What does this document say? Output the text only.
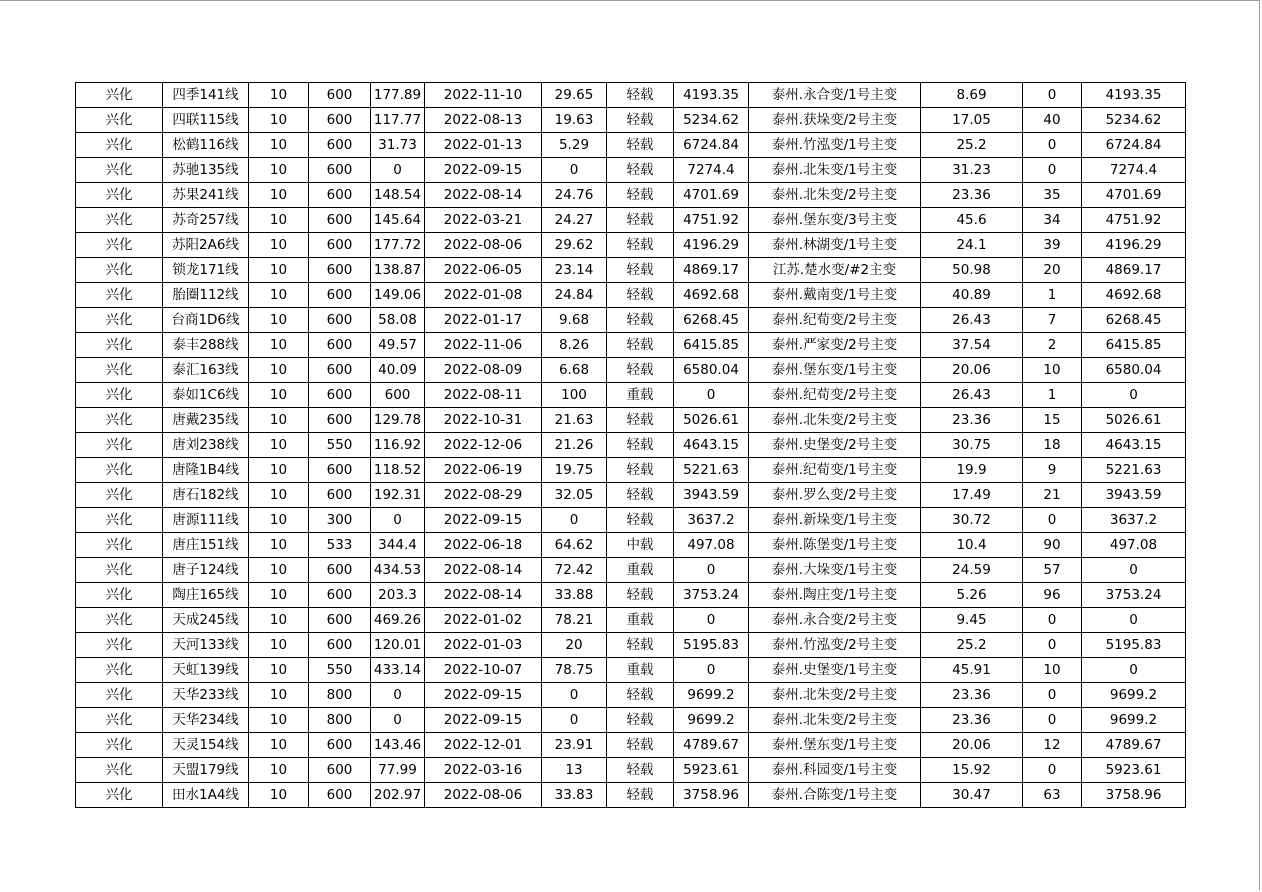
兴化	四季141线	10	600	177.89	2022-11-10	29.65	轻载	4193.35	泰州.永合变/1号主变	8.69	0	4193.35
兴化	四联115线	10	600	117.77	2022-08-13	19.63	轻载	5234.62	泰州.获垛变/2号主变	17.05	40	5234.62
兴化	松鹤116线	10	600	31.73	2022-01-13	5.29	轻载	6724.84	泰州.竹泓变/1号主变	25.2	0	6724.84
兴化	苏驰135线	10	600	0	2022-09-15	0	轻载	7274.4	泰州.北朱变/1号主变	31.23	0	7274.4
兴化	苏果241线	10	600	148.54	2022-08-14	24.76	轻载	4701.69	泰州.北朱变/2号主变	23.36	35	4701.69
兴化	苏奇257线	10	600	145.64	2022-03-21	24.27	轻载	4751.92	泰州.堡东变/3号主变	45.6	34	4751.92
兴化	苏阳2A6线	10	600	177.72	2022-08-06	29.62	轻载	4196.29	泰州.林湖变/1号主变	24.1	39	4196.29
兴化	锁龙171线	10	600	138.87	2022-06-05	23.14	轻载	4869.17	江苏.楚水变/#2主变	50.98	20	4869.17
兴化	胎圈112线	10	600	149.06	2022-01-08	24.84	轻载	4692.68	泰州.戴南变/1号主变	40.89	1	4692.68
兴化	台商1D6线	10	600	58.08	2022-01-17	9.68	轻载	6268.45	泰州.纪荀变/2号主变	26.43	7	6268.45
兴化	泰丰288线	10	600	49.57	2022-11-06	8.26	轻载	6415.85	泰州.严家变/2号主变	37.54	2	6415.85
兴化	泰汇163线	10	600	40.09	2022-08-09	6.68	轻载	6580.04	泰州.堡东变/1号主变	20.06	10	6580.04
兴化	泰如1C6线	10	600	600	2022-08-11	100	重载	0	泰州.纪荀变/2号主变	26.43	1	0
兴化	唐戴235线	10	600	129.78	2022-10-31	21.63	轻载	5026.61	泰州.北朱变/2号主变	23.36	15	5026.61
兴化	唐刘238线	10	550	116.92	2022-12-06	21.26	轻载	4643.15	泰州.史堡变/2号主变	30.75	18	4643.15
兴化	唐隆1B4线	10	600	118.52	2022-06-19	19.75	轻载	5221.63	泰州.纪荀变/1号主变	19.9	9	5221.63
兴化	唐石182线	10	600	192.31	2022-08-29	32.05	轻载	3943.59	泰州.罗么变/2号主变	17.49	21	3943.59
兴化	唐源111线	10	300	0	2022-09-15	0	轻载	3637.2	泰州.新垛变/1号主变	30.72	0	3637.2
兴化	唐庄151线	10	533	344.4	2022-06-18	64.62	中载	497.08	泰州.陈堡变/1号主变	10.4	90	497.08
兴化	唐子124线	10	600	434.53	2022-08-14	72.42	重载	0	泰州.大垛变/1号主变	24.59	57	0
兴化	陶庄165线	10	600	203.3	2022-08-14	33.88	轻载	3753.24	泰州.陶庄变/1号主变	5.26	96	3753.24
兴化	天成245线	10	600	469.26	2022-01-02	78.21	重载	0	泰州.永合变/2号主变	9.45	0	0
兴化	天河133线	10	600	120.01	2022-01-03	20	轻载	5195.83	泰州.竹泓变/2号主变	25.2	0	5195.83
兴化	天虹139线	10	550	433.14	2022-10-07	78.75	重载	0	泰州.史堡变/1号主变	45.91	10	0
兴化	天华233线	10	800	0	2022-09-15	0	轻载	9699.2	泰州.北朱变/2号主变	23.36	0	9699.2
兴化	天华234线	10	800	0	2022-09-15	0	轻载	9699.2	泰州.北朱变/2号主变	23.36	0	9699.2
兴化	天灵154线	10	600	143.46	2022-12-01	23.91	轻载	4789.67	泰州.堡东变/1号主变	20.06	12	4789.67
兴化	天盟179线	10	600	77.99	2022-03-16	13	轻载	5923.61	泰州.科园变/1号主变	15.92	0	5923.61
兴化	田水1A4线	10	600	202.97	2022-08-06	33.83	轻载	3758.96	泰州.合陈变/1号主变	30.47	63	3758.96
